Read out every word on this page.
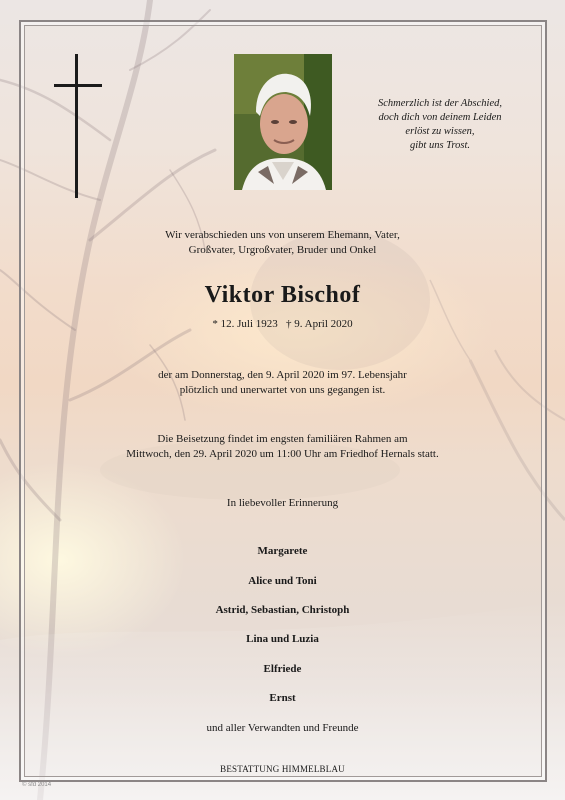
Schmerzlich ist der Abschied,
doch dich von deinem Leiden
erlöst zu wissen,
gibt uns Trost.
Wir verabschieden uns von unserem Ehemann, Vater,
Großvater, Urgroßvater, Bruder und Onkel
Viktor Bischof
* 12. Juli 1923 † 9. April 2020
der am Donnerstag, den 9. April 2020 im 97. Lebensjahr
plötzlich und unerwartet von uns gegangen ist.
Die Beisetzung findet im engsten familiären Rahmen am
Mittwoch, den 29. April 2020 um 11:00 Uhr am Friedhof Hernals statt.
In liebevoller Erinnerung
Margarete
Alice und Toni
Astrid, Sebastian, Christoph
Lina und Luzia
Elfriede
Ernst
und aller Verwandten und Freunde
BESTATTUNG HIMMELBLAU
© sfd 2014
